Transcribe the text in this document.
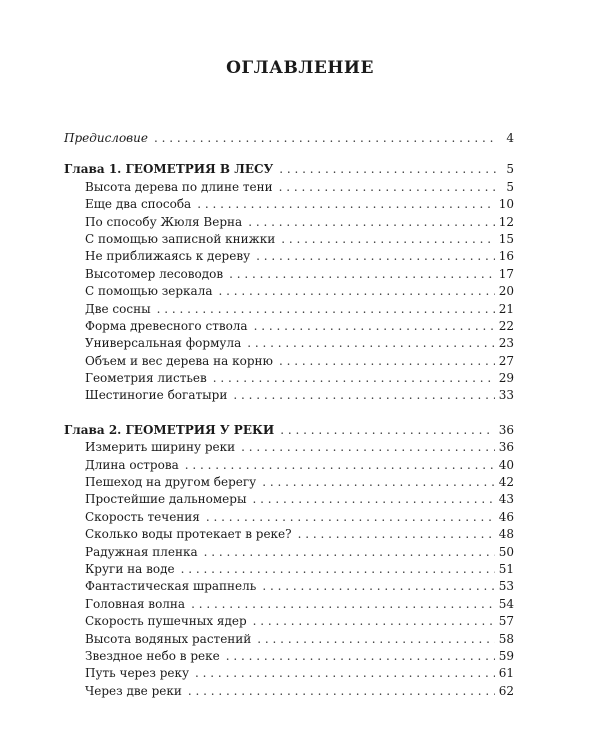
ОГЛАВЛЕНИЕ
Предисловие . . .	4
Глава 1. ГЕОМЕТРИЯ В ЛЕСУ . . .	5
Высота дерева по длине тени . . .	5
Еще два способа . . .	10
По способу Жюля Верна . . .	12
С помощью записной книжки . . .	15
Не приближаясь к дереву . . .	16
Высотомер лесоводов . . .	17
С помощью зеркала . . .	20
Две сосны . . .	21
Форма древесного ствола . . .	22
Универсальная формула . . .	23
Объем и вес дерева на корню . . .	27
Геометрия листьев . . .	29
Шестиногие богатыри . . .	33
Глава 2. ГЕОМЕТРИЯ У РЕКИ . . .	36
Измерить ширину реки . . .	36
Длина острова . . .	40
Пешеход на другом берегу . . .	42
Простейшие дальномеры . . .	43
Скорость течения . . .	46
Сколько воды протекает в реке? . . .	48
Радужная пленка . . .	50
Круги на воде . . .	51
Фантастическая шрапнель . . .	53
Головная волна . . .	54
Скорость пушечных ядер . . .	57
Высота водяных растений . . .	58
Звездное небо в реке . . .	59
Путь через реку . . .	61
Через две реки . . .	62
